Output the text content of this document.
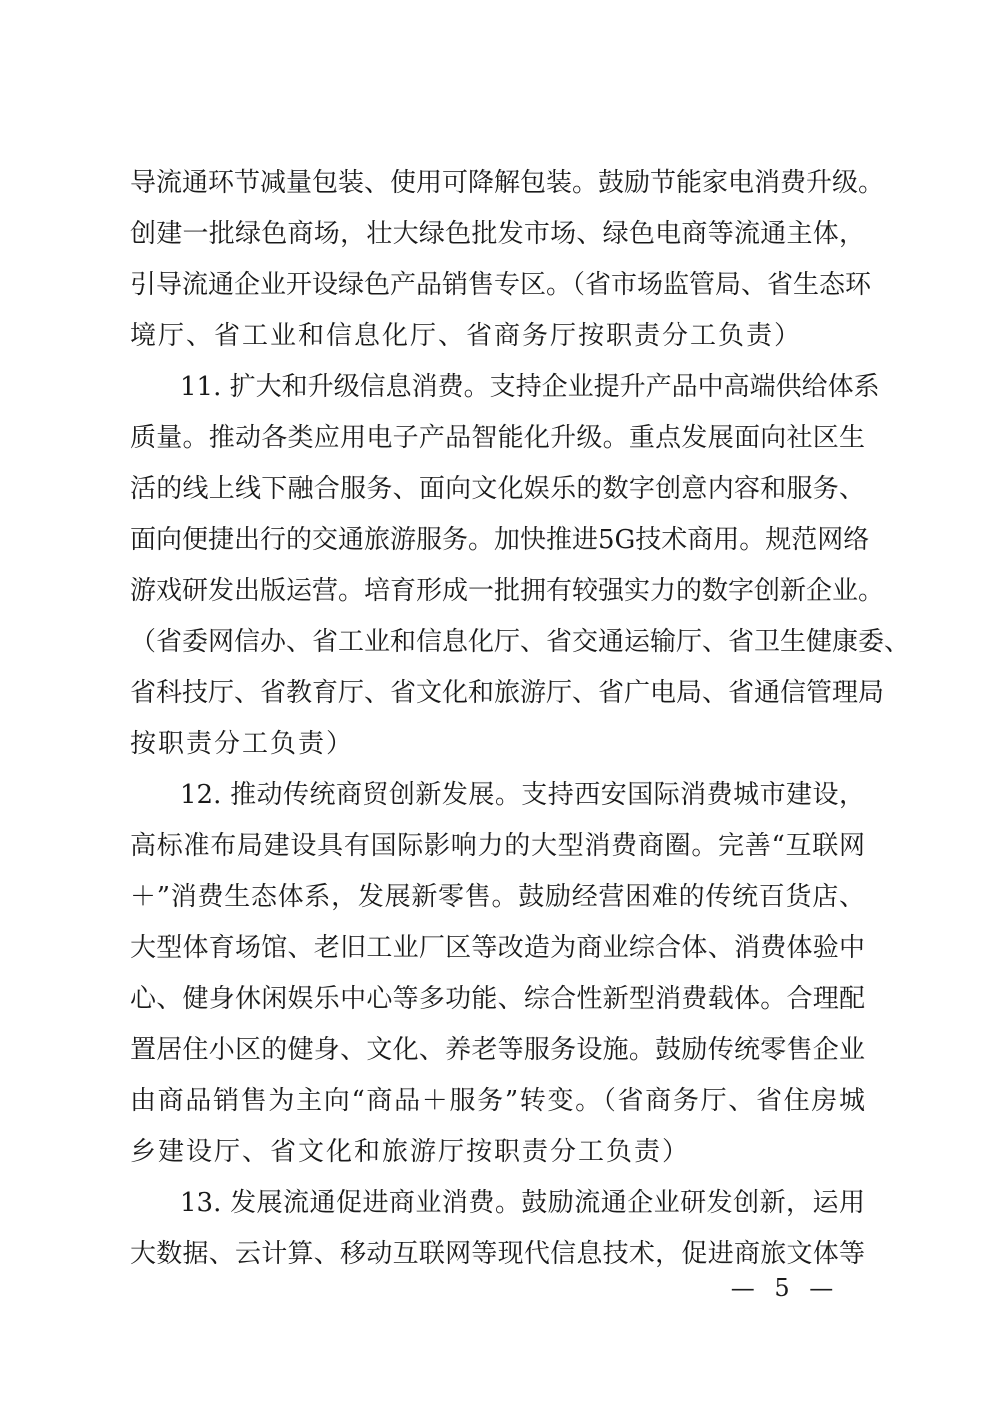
导流通环节减量包装、使用可降解包装。鼓励节能家电消费升级。
创建一批绿色商场，壮大绿色批发市场、绿色电商等流通主体，
引导流通企业开设绿色产品销售专区。（省市场监管局、省生态环
境厅、省工业和信息化厅、省商务厅按职责分工负责）
11. 扩大和升级信息消费。支持企业提升产品中高端供给体系
质量。推动各类应用电子产品智能化升级。重点发展面向社区生
活的线上线下融合服务、面向文化娱乐的数字创意内容和服务、
面向便捷出行的交通旅游服务。加快推进5G技术商用。规范网络
游戏研发出版运营。培育形成一批拥有较强实力的数字创新企业。
（省委网信办、省工业和信息化厅、省交通运输厅、省卫生健康委、
省科技厅、省教育厅、省文化和旅游厅、省广电局、省通信管理局
按职责分工负责）
12. 推动传统商贸创新发展。支持西安国际消费城市建设，
高标准布局建设具有国际影响力的大型消费商圈。完善“互联网
＋”消费生态体系，发展新零售。鼓励经营困难的传统百货店、
大型体育场馆、老旧工业厂区等改造为商业综合体、消费体验中
心、健身休闲娱乐中心等多功能、综合性新型消费载体。合理配
置居住小区的健身、文化、养老等服务设施。鼓励传统零售企业
由商品销售为主向“商品＋服务”转变。（省商务厅、省住房城
乡建设厅、省文化和旅游厅按职责分工负责）
13. 发展流通促进商业消费。鼓励流通企业研发创新，运用
大数据、云计算、移动互联网等现代信息技术，促进商旅文体等
— 5 —
